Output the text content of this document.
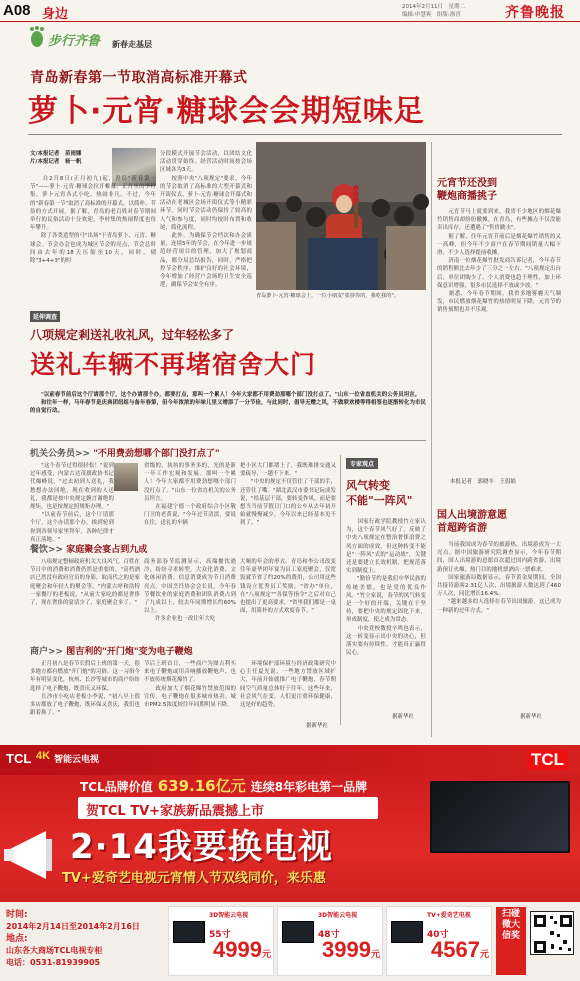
A08 身边	2014年2月11日　星期二
编辑:申慧爽　组版:洛青	齐鲁晚报
步行齐鲁 新春走基层
青岛新春第一节取消高标准开幕式
萝卜·元宵·糖球会会期短味足
文/本报记者　苗雨娜
片/本报记者　杨一帆
　　自2月8日(正月初九)起，青岛"新春第一节"——萝卜·元宵·糖球会拉开帷幕。正月里的李村集，萝卜元宵各式小吃，热闹非凡。不过，今年的"新春第一节"取消了高标准的开幕式，以简朴、节俭的方式开展。据了解，青岛的老百姓对春节期间举行的民俗活动十分欢迎，李村集的热闹程度也每年攀升。
　　除了各类造型的马"出场"于青岛萝卜、元宵、糖球会。节会办会也成为城区节会的亮点，节会总时间由去年的18天压缩至10天，同时，剔除"3+4+3"的时
分段模式开展节会活动，以团结文化活动贯穿始终。经营活动时间按会场区域各为3天。
　　按照中央"八项规定"要求，今年的节会取消了高标准的大型开幕式和开街仪式，萝卜·元宵·糖球会开幕式和活动在老城区会场开街仪式等小精彩环节。同时节会活动仍保持了较高的人气和参与度，同时均按时布置和收尾，简化流程。
　　此外，为确保节会档次和办会质量，连续5年的节会，在今年进一步规范经营项目的管理，加大了规划商品，都分局总结报告，同时，严格把控节会秩序，维护良好的社会环境，今年增加了经营户会场的卫生安全巡逻，确保节会安全有序。
青岛萝卜·元宵·糖球会上，一位小朋友"张挤你的，我吃我的"。
元宵节还没到
鞭炮商播挑子
　　元宵节马上就要到来，我省不少地区的烟花爆竹销售商却纷纷撤摊。在青岛，有些摊点不仅没能卖出库存，还遭遇了"售价跳水"。
　　据了解，往年元宵节前后是烟花爆竹销售的又一高峰，但今年不少商户在春节期间销量大幅下滑，不少人选择提前收摊。
　　济南一位烟花爆竹批发商告诉记者，今年春节的销售额比去年少了三分之一左右。"八项规定出台后，单位团购少了，个人消费也趋于理性，加上环保意识增强，很多市民选择不放或少放。"
　　据悉，今年春节期间，我省多地雾霾天气频发，市民燃放烟花爆竹的热情明显下降，元宵节的销售预期也并不乐观。
本报记者　郭晓丰　王倡娟
国人出境游意愿
首超跨省游
　　当前我国成为春节的旅游热，出境游成为一大亮点。据中国旅游研究院调查显示，今年春节期间，国人出境游的意愿首次超过国内跨省游，出境游预订火爆，热门目的地机票酒店一票难求。
　　国家旅游局数据显示，春节黄金周期间，全国共接待游客2.31亿人次，出境旅游人数达到了460万人次，同比增长16.4%。
　　"越来越多的人选择在春节出国旅游，这已成为一种新的过年方式。"
据新华社
延伸调查
八项规定剎送礼收礼风，过年轻松多了
送礼车辆不再堵宿舍大门
　　"以前春节前后这个厅请那个厅，这个办请那个办，都要打点，那叫一个累人！今年大家都不用费劲那哪个部门没打点了。"山东一位省直机关的公务员坦言。
　　和往年一样，马年春节是庆典团纽组与备年春第，但今年浓浓的年味儿里又增添了一分节俭，与此同时，倡导无赠之风，不做联欢楼等得相签也逐渐转化为市民的自觉行动。
机关公务员>> "不用费劲想哪个部门没打点了"
　　"这个春节过得很轻松！"说到过年感受，内蒙古达茂旗政协书记代爆峰说，"过去初到人送礼，我愁想办法回绝，现在收到的人送礼，我都是按中央规定婉言谢绝的规矩，也是按规定照规矩办理。"
　　"以前春节前后，这个厅请那个厅，这个办请那个办，挨到轮到你到各领导家里拜年，各种纪律才真正落地。"
省级的，执执的事务多的，光的是新一年工作宏观和发展。那叫一个累人！今年大家都不用费劲想哪个部门没打点了。"山东一位省直机关的公务员坦言。
　　在福建宁德一个政府综合小区敬门卫的老黄说，"今年过节清淡，要说在往，送礼的车辆
把小区大门都堵上了，我既难排交通又要疏导，一趟不下来。"
　　"中央的规定不仅管住了干部的手，还管住了嘴。"湖北武汉市委书记阮成发说，"给基层干部，要转变作风，而是要想当当前节假日门口的公车从去年初开始就慢慢减少，今年以来已经基本见不到了。"
餐饮>> 家庭聚会宴占到九成
　　八项规定整顿政府机关大良风气，百姓在节日中的消费和消费仍然是重要的。"高档酒店已然没有政府官员的身影，取而代之的是家庭聚会和年轻人的聚会等。"内蒙古呼和浩特一家餐厅的老板说，"从前大家吃的都是奢侈了，现在奢侈的宴请少了，家庭聚会多了。"
商务部春节监测显示，高端餐饮遇冷，纷纷寻求转型，大众化消费、文化休闲消费、信息消费成为节日消费亮点。中国烹饪协会会长说，今年春节餐饮业的家庭消费和团队消费占到了九成以上，较去年同期增长约60%以上。
　　许多企业也一改往年大吃
大喝的年会的形式。青岛和李公司改变往年豪华团年宴为员工家庭聚会，仅宽饭就节省了约20%的费用，公司用这些钱设立优秀员工奖励。"省办"单位，在"八项规定""各保等指令"之后对自己也提出了更高要求。"省里我们都是一桌面，用简朴的方式欢度春节。"
商户>> 图吉利的"开门炮"变为电子鞭炮
　　正月初八是春节长假后上班的第一天，很多地方都有燃放"开门炮"的习俗。这一习俗今年有明显变化，杭州、长沙等城市的商户纷纷选择了电子鞭炮，既喜庆又环保。
　　长沙市小吃店老板小李说，"初八早上很多店都放了电子鞭炮，既环保又喜庆，我们也跟着换了。"
节后上班首日，一些商户为图吉利买来电子鞭炮或用音响播放鞭炮声，也不放传统烟花爆竹了。
　　政府加大了烟花爆竹禁放范围的宣传，电子鞭炮在很多城市热卖。城市PM2.5浓度较往年同期明显下降。
　　环境保护部环境与经济政策研究中心主任夏光说，一些地方禁放区域扩大，年前开始就推广电子鞭炮，春节期间空气质量总体好于往年。这些年来，社会风气在变，人们更注重环保健康，这是好的趋势。
据新华社
专家观点
风气转变
不能"一阵风"
　　国家行政学院教授竹立家认为，这个春节风气好了，反映了中央八项规定在整治奢侈浪费之风方面的成效。但这种转变不能是"一阵风"式的"运动战"，关键还是要建立长效机制，把规范落实到制度上。
　　"勤俭节约是我们中华民族的传统美德，也是党的优良作风。"竹立家说，春节的风气转变是一个好的开端，关键在于坚持，要把中央的规定固化下来，形成制度，使之成为常态。
　　中央党校教授辛鸣也表示，这一转变显示出中央的决心，但落实要有持续性，才能真正赢得民心。
据新华社
TCL 4K 智能云电视	TCL
TCL品牌价值 639.16亿元 连续8年彩电第一品牌
贺TCL TV+家族新品震撼上市
2·14我要换电视
TV+爱奇艺电视元宵情人节双线同价，来乐惠
时间:
2014年2月14日至2014年2月16日
地点:
山东各大商场TCL电视专柜
电话：0531-81939905
3D智能云电视
55寸
4999元
3D智能云电视
48寸
3999元
TV+爱奇艺电视
40寸
4567元
扫碰
微大
信奖
